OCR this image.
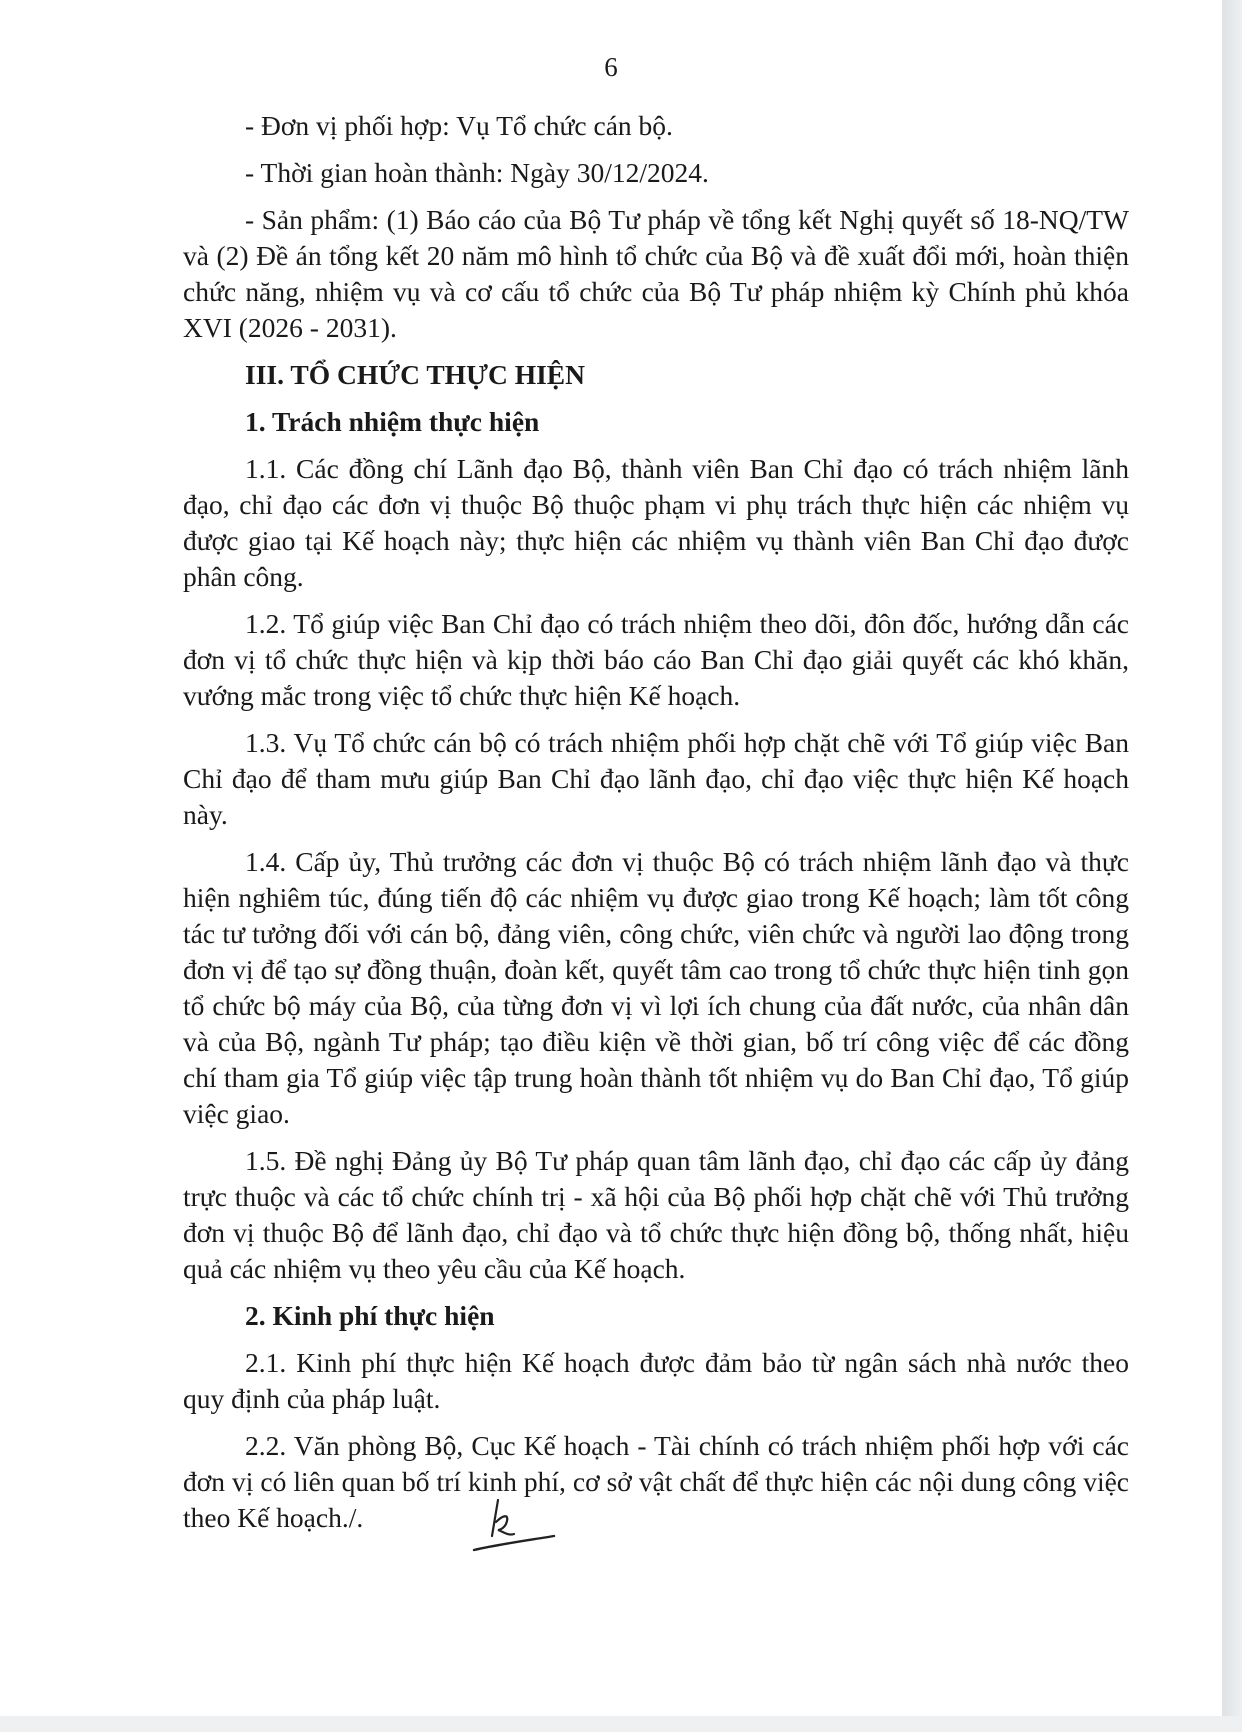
6

- Đơn vị phối hợp: Vụ Tổ chức cán bộ.

- Thời gian hoàn thành: Ngày 30/12/2024.

- Sản phẩm: (1) Báo cáo của Bộ Tư pháp về tổng kết Nghị quyết số 18-NQ/TW và (2) Đề án tổng kết 20 năm mô hình tổ chức của Bộ và đề xuất đổi mới, hoàn thiện chức năng, nhiệm vụ và cơ cấu tổ chức của Bộ Tư pháp nhiệm kỳ Chính phủ khóa XVI (2026 - 2031).

III. TỔ CHỨC THỰC HIỆN

1. Trách nhiệm thực hiện

1.1. Các đồng chí Lãnh đạo Bộ, thành viên Ban Chỉ đạo có trách nhiệm lãnh đạo, chỉ đạo các đơn vị thuộc Bộ thuộc phạm vi phụ trách thực hiện các nhiệm vụ được giao tại Kế hoạch này; thực hiện các nhiệm vụ thành viên Ban Chỉ đạo được phân công.

1.2. Tổ giúp việc Ban Chỉ đạo có trách nhiệm theo dõi, đôn đốc, hướng dẫn các đơn vị tổ chức thực hiện và kịp thời báo cáo Ban Chỉ đạo giải quyết các khó khăn, vướng mắc trong việc tổ chức thực hiện Kế hoạch.

1.3. Vụ Tổ chức cán bộ có trách nhiệm phối hợp chặt chẽ với Tổ giúp việc Ban Chỉ đạo để tham mưu giúp Ban Chỉ đạo lãnh đạo, chỉ đạo việc thực hiện Kế hoạch này.

1.4. Cấp ủy, Thủ trưởng các đơn vị thuộc Bộ có trách nhiệm lãnh đạo và thực hiện nghiêm túc, đúng tiến độ các nhiệm vụ được giao trong Kế hoạch; làm tốt công tác tư tưởng đối với cán bộ, đảng viên, công chức, viên chức và người lao động trong đơn vị để tạo sự đồng thuận, đoàn kết, quyết tâm cao trong tổ chức thực hiện tinh gọn tổ chức bộ máy của Bộ, của từng đơn vị vì lợi ích chung của đất nước, của nhân dân và của Bộ, ngành Tư pháp; tạo điều kiện về thời gian, bố trí công việc để các đồng chí tham gia Tổ giúp việc tập trung hoàn thành tốt nhiệm vụ do Ban Chỉ đạo, Tổ giúp việc giao.

1.5. Đề nghị Đảng ủy Bộ Tư pháp quan tâm lãnh đạo, chỉ đạo các cấp ủy đảng trực thuộc và các tổ chức chính trị - xã hội của Bộ phối hợp chặt chẽ với Thủ trưởng đơn vị thuộc Bộ để lãnh đạo, chỉ đạo và tổ chức thực hiện đồng bộ, thống nhất, hiệu quả các nhiệm vụ theo yêu cầu của Kế hoạch.

2. Kinh phí thực hiện

2.1. Kinh phí thực hiện Kế hoạch được đảm bảo từ ngân sách nhà nước theo quy định của pháp luật.

2.2. Văn phòng Bộ, Cục Kế hoạch - Tài chính có trách nhiệm phối hợp với các đơn vị có liên quan bố trí kinh phí, cơ sở vật chất để thực hiện các nội dung công việc theo Kế hoạch./.
